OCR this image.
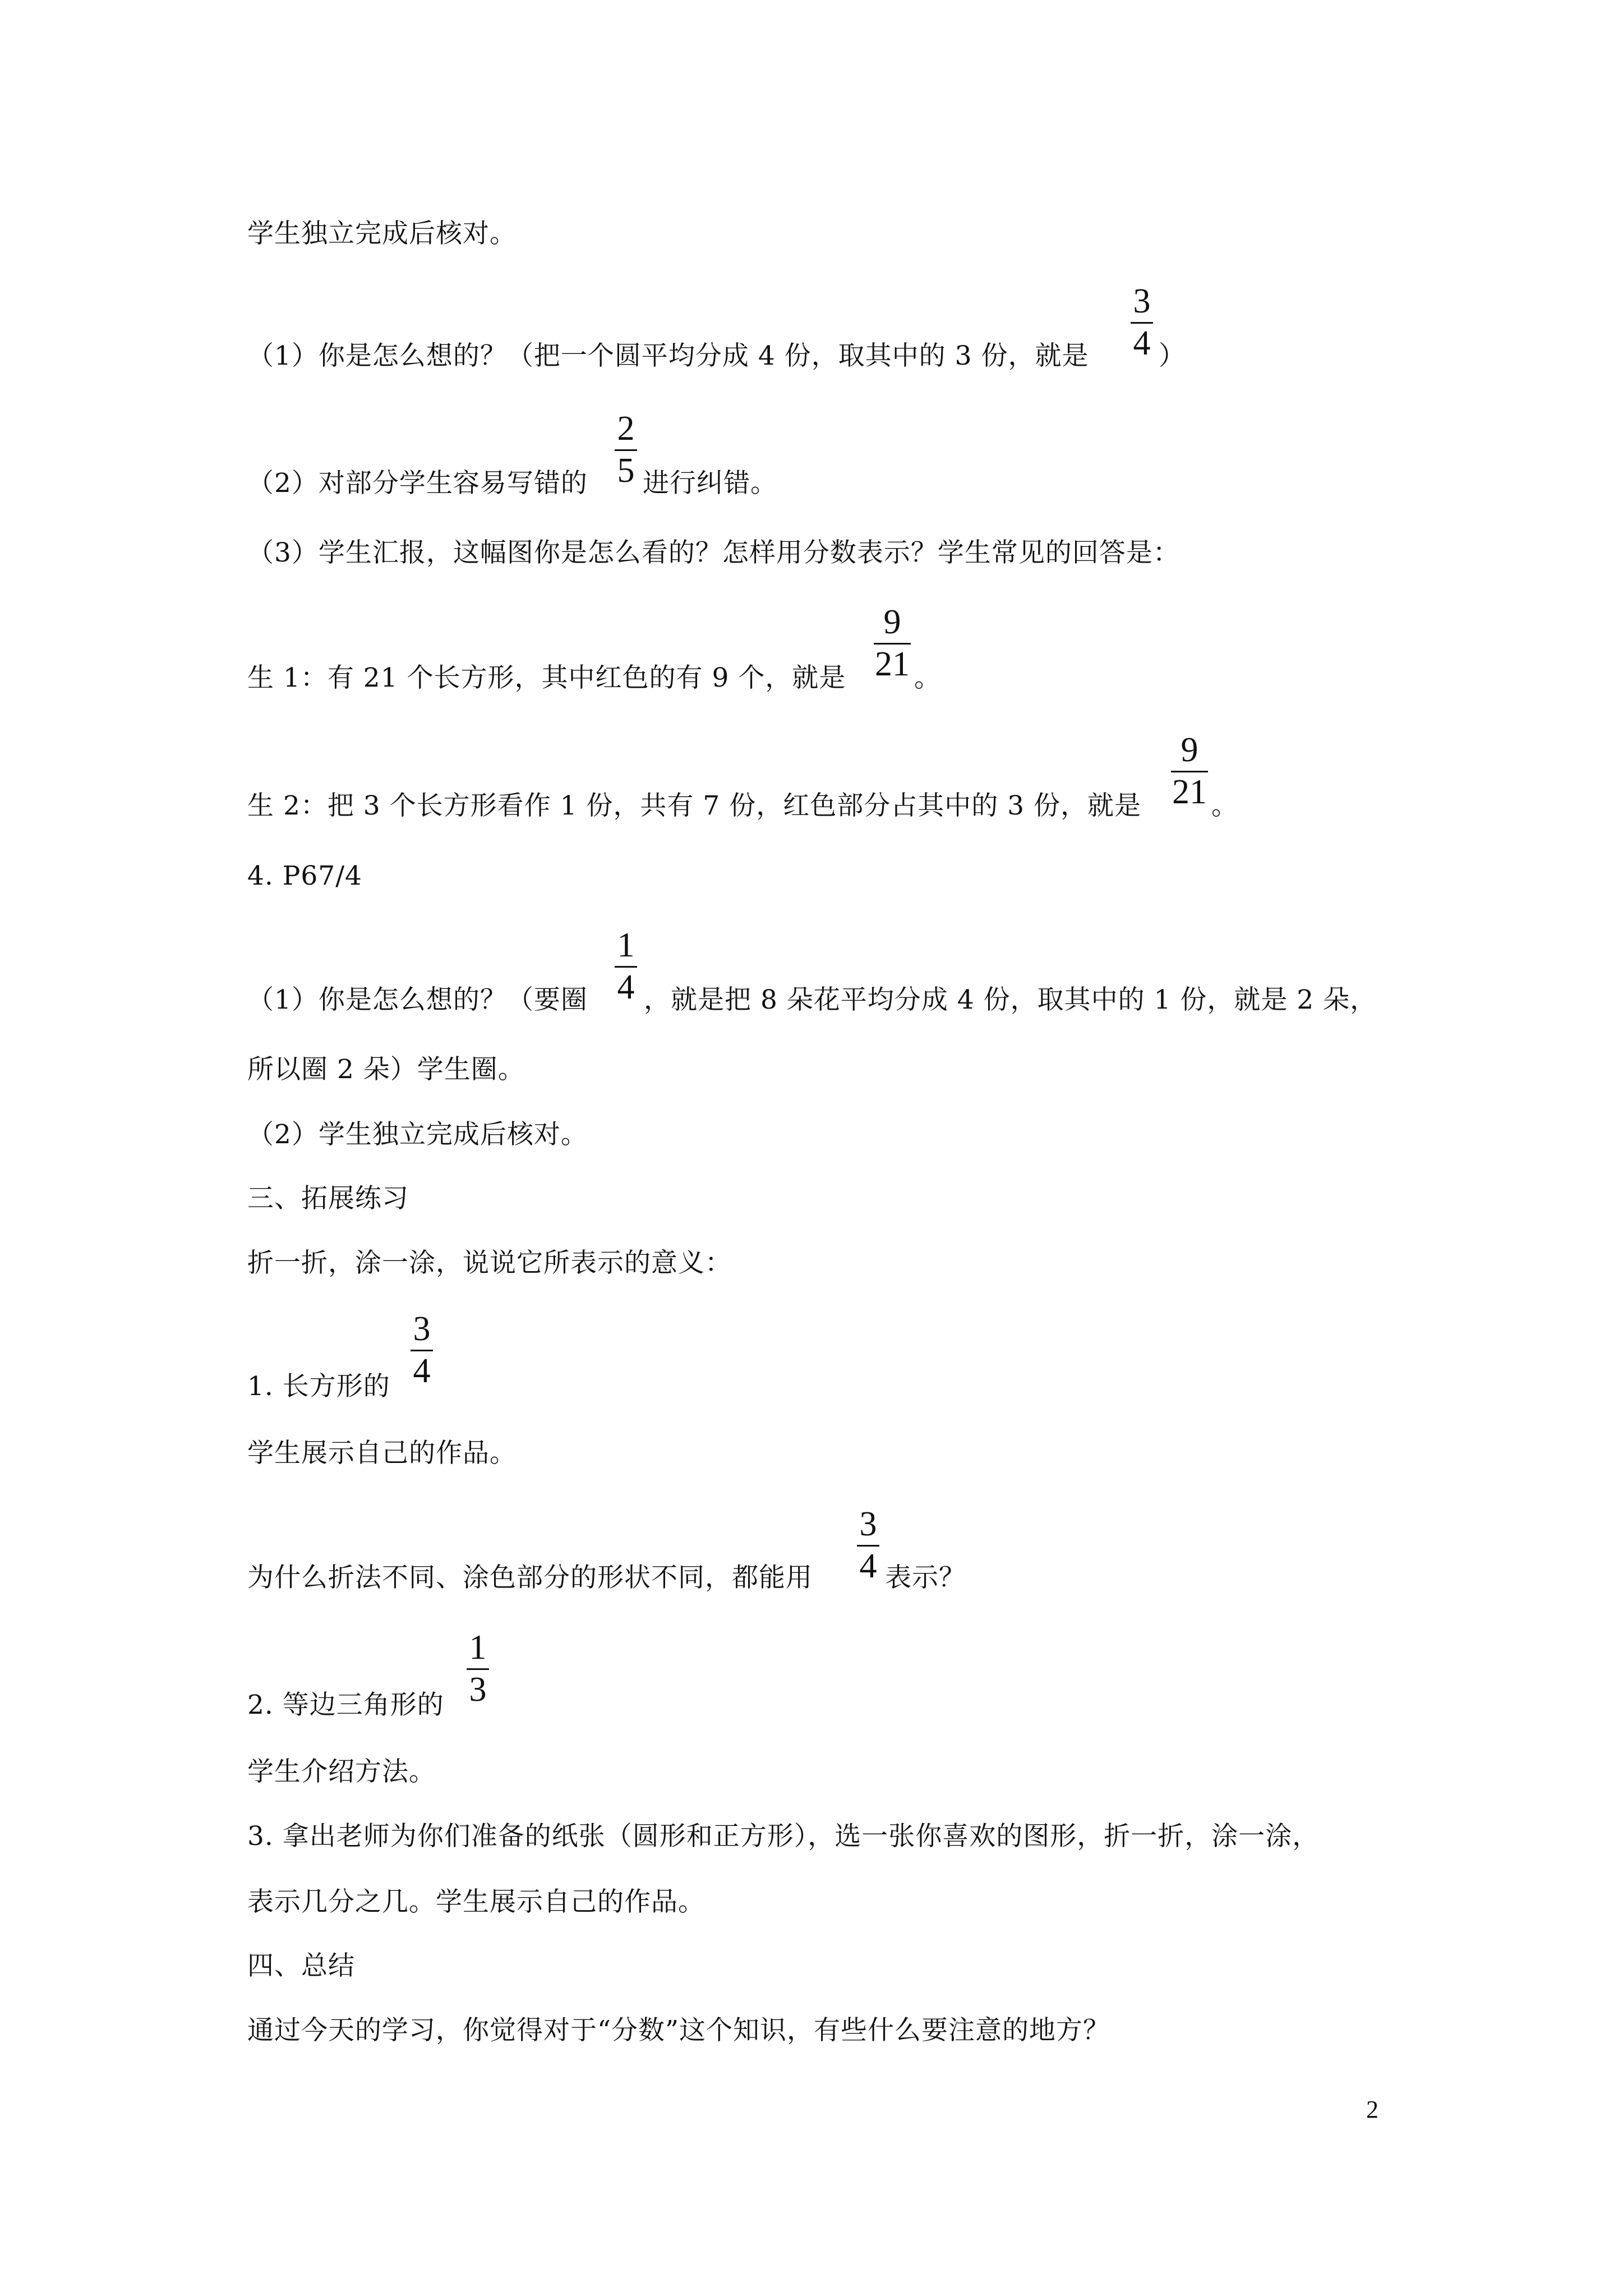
学生独立完成后核对。
（1）你是怎么想的？（把一个圆平均分成 4 份，取其中的 3 份，就是
3
4 ）
（2）对部分学生容易写错的
2
5 进行纠错。
（3）学生汇报，这幅图你是怎么看的？怎样用分数表示？学生常见的回答是：
生 1：有 21 个长方形，其中红色的有 9 个，就是
9
21 。
生 2：把 3 个长方形看作 1 份，共有 7 份，红色部分占其中的 3 份，就是
9
21 。
4. P67/4
（1）你是怎么想的？（要圈
1
4 ，就是把 8 朵花平均分成 4 份，取其中的 1 份，就是 2 朵，
所以圈 2 朵）学生圈。
（2）学生独立完成后核对。
三、拓展练习
折一折，涂一涂，说说它所表示的意义：
1. 长方形的
3
4
学生展示自己的作品。
为什么折法不同、涂色部分的形状不同，都能用
3
4 表示？
2. 等边三角形的
1
3
学生介绍方法。
3. 拿出老师为你们准备的纸张（圆形和正方形），选一张你喜欢的图形，折一折，涂一涂，
表示几分之几。学生展示自己的作品。
四、总结
通过今天的学习，你觉得对于“分数”这个知识，有些什么要注意的地方？
2
